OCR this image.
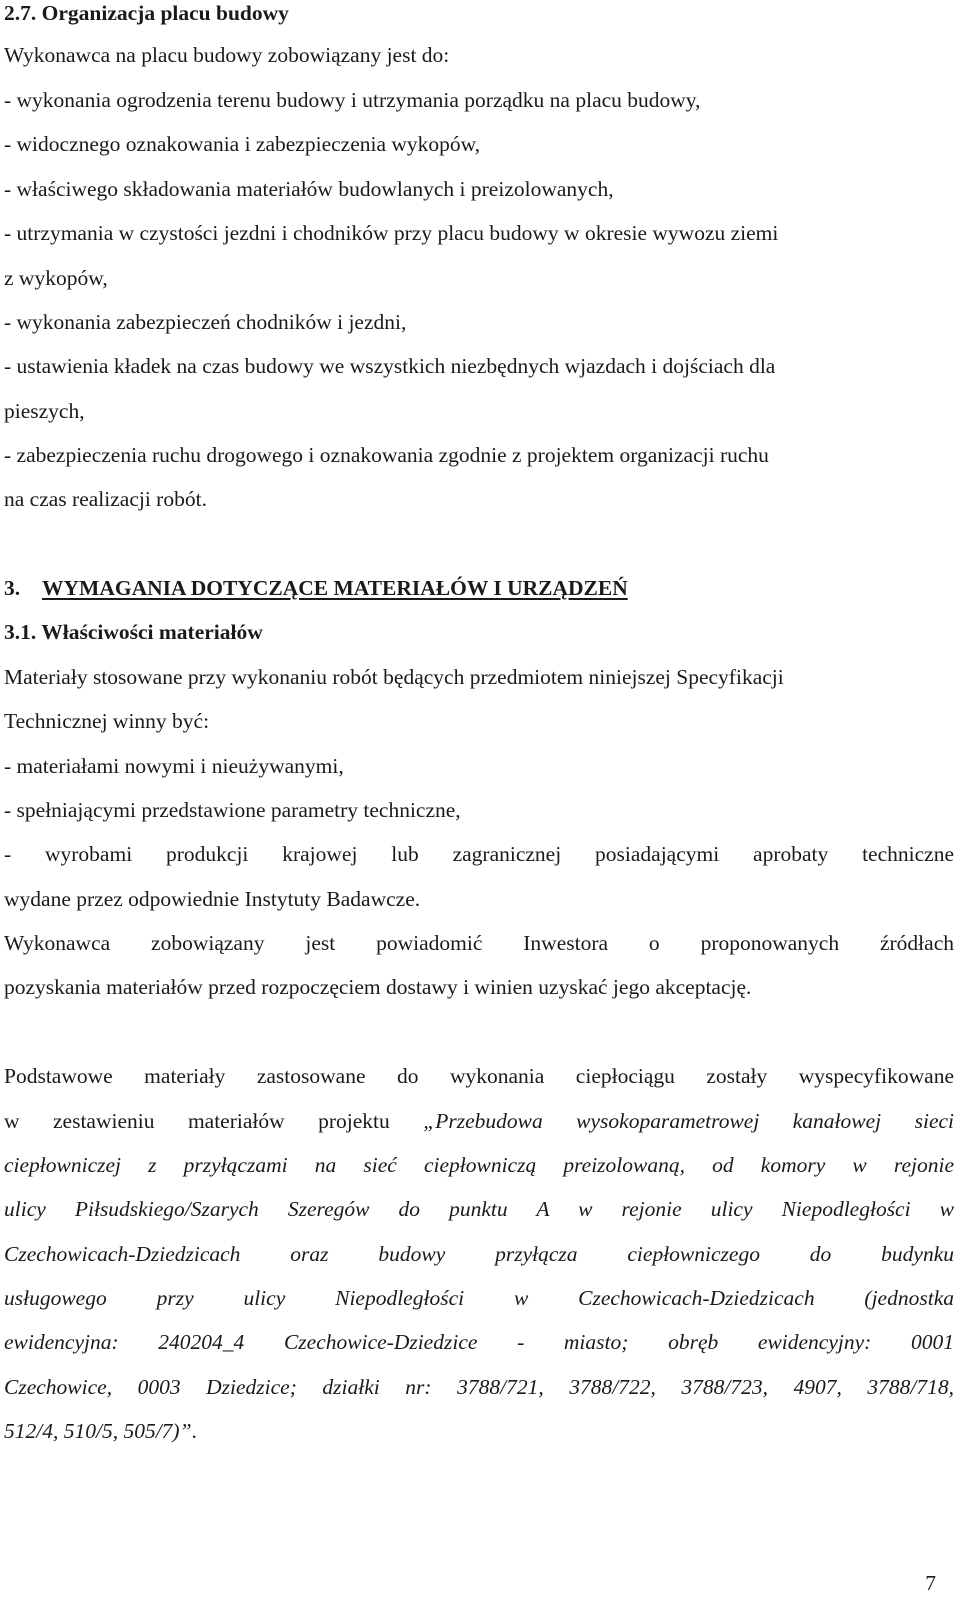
2.7. Organizacja placu budowy
Wykonawca na placu budowy zobowiązany jest do:
- wykonania ogrodzenia terenu budowy i utrzymania porządku na placu budowy,
- widocznego oznakowania i zabezpieczenia wykopów,
- właściwego składowania materiałów budowlanych i preizolowanych,
- utrzymania w czystości jezdni i chodników przy placu budowy w okresie wywozu ziemi
z wykopów,
- wykonania zabezpieczeń chodników i jezdni,
- ustawienia kładek na czas budowy we wszystkich niezbędnych wjazdach i dojściach dla
pieszych,
- zabezpieczenia ruchu drogowego i oznakowania zgodnie z projektem organizacji ruchu
na czas realizacji robót.
3. WYMAGANIA DOTYCZĄCE MATERIAŁÓW I URZĄDZEŃ
3.1. Właściwości materiałów
Materiały stosowane przy wykonaniu robót będących przedmiotem niniejszej Specyfikacji
Technicznej winny być:
- materiałami nowymi i nieużywanymi,
- spełniającymi przedstawione parametry techniczne,
- wyrobami produkcji krajowej lub zagranicznej posiadającymi aprobaty techniczne
wydane przez odpowiednie Instytuty Badawcze.
Wykonawca zobowiązany jest powiadomić Inwestora o proponowanych źródłach
pozyskania materiałów przed rozpoczęciem dostawy i winien uzyskać jego akceptację.
Podstawowe materiały zastosowane do wykonania ciepłociągu zostały wyspecyfikowane
w zestawieniu materiałów projektu „Przebudowa wysokoparametrowej kanałowej sieci
ciepłowniczej z przyłączami na sieć ciepłowniczą preizolowaną, od komory w rejonie
ulicy Piłsudskiego/Szarych Szeregów do punktu A w rejonie ulicy Niepodległości w
Czechowicach-Dziedzicach oraz budowy przyłącza ciepłowniczego do budynku
usługowego przy ulicy Niepodległości w Czechowicach-Dziedzicach (jednostka
ewidencyjna: 240204_4 Czechowice-Dziedzice - miasto; obręb ewidencyjny: 0001
Czechowice, 0003 Dziedzice; działki nr: 3788/721, 3788/722, 3788/723, 4907, 3788/718,
512/4, 510/5, 505/7)”.
7
